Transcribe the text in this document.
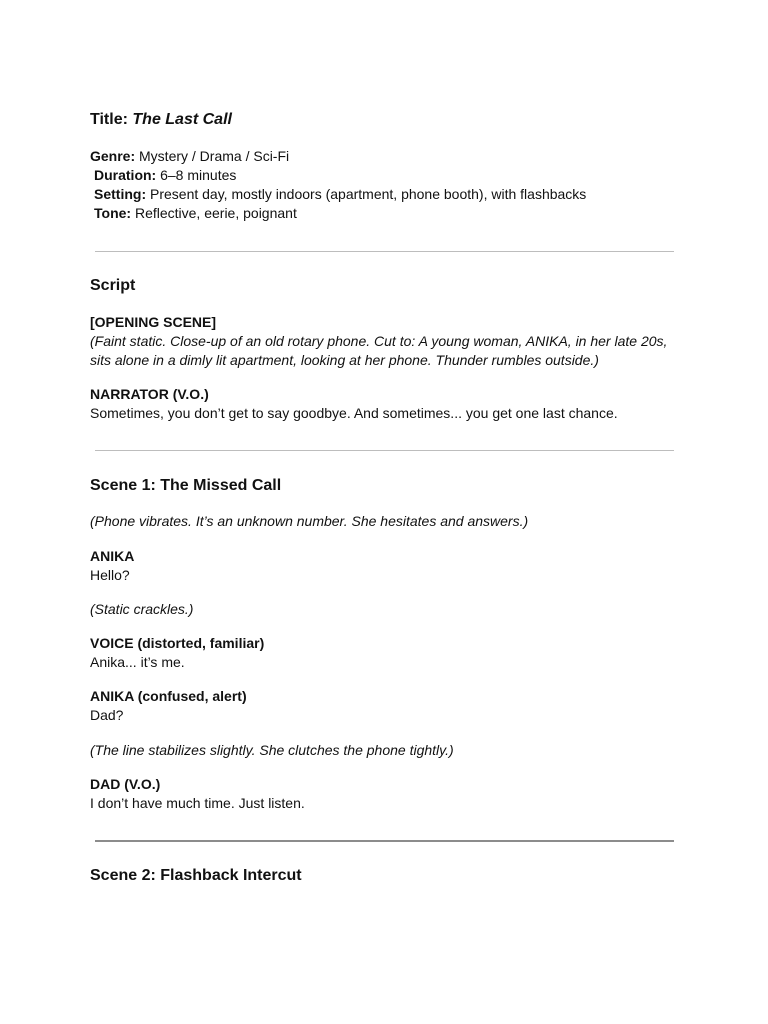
Title: The Last Call
Genre: Mystery / Drama / Sci-Fi
Duration: 6–8 minutes
Setting: Present day, mostly indoors (apartment, phone booth), with flashbacks
Tone: Reflective, eerie, poignant
Script
[OPENING SCENE]
(Faint static. Close-up of an old rotary phone. Cut to: A young woman, ANIKA, in her late 20s,
sits alone in a dimly lit apartment, looking at her phone. Thunder rumbles outside.)
NARRATOR (V.O.)
Sometimes, you don’t get to say goodbye. And sometimes... you get one last chance.
Scene 1: The Missed Call
(Phone vibrates. It’s an unknown number. She hesitates and answers.)
ANIKA
Hello?
(Static crackles.)
VOICE (distorted, familiar)
Anika... it’s me.
ANIKA (confused, alert)
Dad?
(The line stabilizes slightly. She clutches the phone tightly.)
DAD (V.O.)
I don’t have much time. Just listen.
Scene 2: Flashback Intercut
